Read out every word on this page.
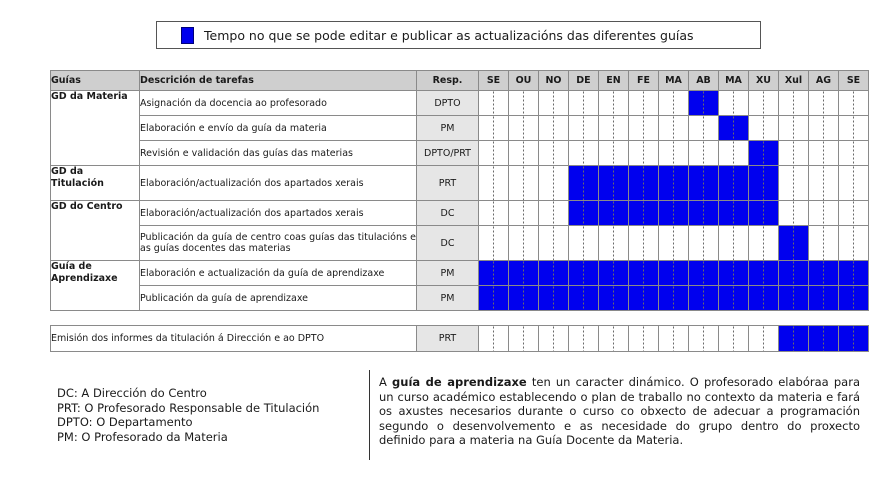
Tempo no que se pode editar e publicar as actualizacións das diferentes guías
Guías	Descrición de tarefas	Resp.	SE	OU	NO	DE	EN	FE	MA	AB	MA	XU	Xul	AG	SE
GD da Materia	Asignación da docencia ao profesorado	DPTO													
	Elaboración e envío da guía da materia	PM													
	Revisión e validación das guías das materias	DPTO/PRT													
GD da Titulación	Elaboración/actualización dos apartados xerais	PRT													
GD do Centro	Elaboración/actualización dos apartados xerais	DC													
	Publicación da guía de centro coas guías das titulacións e as guías docentes das materias	DC													
Guía de Aprendizaxe	Elaboración e actualización da guía de aprendizaxe	PM													
	Publicación da guía de aprendizaxe	PM													
Emisión dos informes da titulación á Dirección e ao DPTO	PRT													
DC: A Dirección do Centro
PRT: O Profesorado Responsable de Titulación
DPTO: O Departamento
PM: O Profesorado da Materia
A guía de aprendizaxe ten un caracter dinámico. O profesorado elabóraa para un curso académico establecendo o plan de traballo no contexto da materia e fará os axustes necesarios durante o curso co obxecto de adecuar a programación segundo o desenvolvemento e as necesidade do grupo dentro do proxecto definido para a materia na Guía Docente da Materia.
